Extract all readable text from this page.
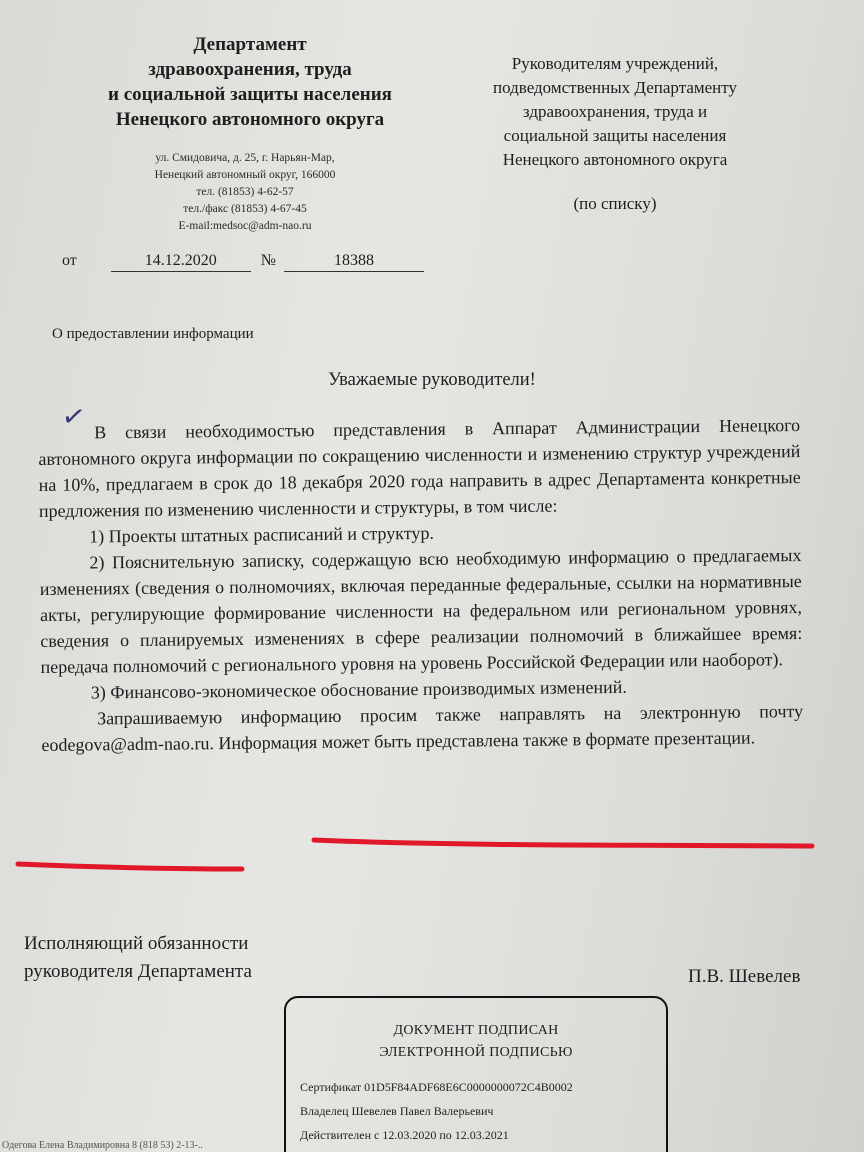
Департамент
здравоохранения, труда
и социальной защиты населения
Ненецкого автономного округа
ул. Смидовича, д. 25, г. Нарьян-Мар,
Ненецкий автономный округ, 166000
тел. (81853) 4-62-57
тел./факс (81853) 4-67-45
E-mail:medsoc@adm-nao.ru
Руководителям учреждений,
подведомственных Департаменту
здравоохранения, труда и
социальной защиты населения
Ненецкого автономного округа
(по списку)
от	14.12.2020	№	18388
О предоставлении информации
Уважаемые руководители!
✓ В связи необходимостью представления в Аппарат Администрации Ненецкого автономного округа информации по сокращению численности и изменению структур учреждений на 10%, предлагаем в срок до 18 декабря 2020 года направить в адрес Департамента конкретные предложения по изменению численности и структуры, в том числе:

1) Проекты штатных расписаний и структур.

2) Пояснительную записку, содержащую всю необходимую информацию о предлагаемых изменениях (сведения о полномочиях, включая переданные федеральные, ссылки на нормативные акты, регулирующие формирование численности на федеральном или региональном уровнях, сведения о планируемых изменениях в сфере реализации полномочий в ближайшее время: передача полномочий с регионального уровня на уровень Российской Федерации или наоборот).

3) Финансово-экономическое обоснование производимых изменений.

Запрашиваемую информацию просим также направлять на электронную почту eodegova@adm-nao.ru. Информация может быть представлена также в формате презентации.

Исполняющий обязанности
руководителя Департамента	П.В. Шевелев
ДОКУМЕНТ ПОДПИСАН
ЭЛЕКТРОННОЙ ПОДПИСЬЮ
Сертификат 01D5F84ADF68E6C0000000072C4B0002
Владелец Шевелев Павел Валерьевич
Действителен с 12.03.2020 по 12.03.2021
Одегова Елена Владимировна 8 (818 53) 2-13-..
